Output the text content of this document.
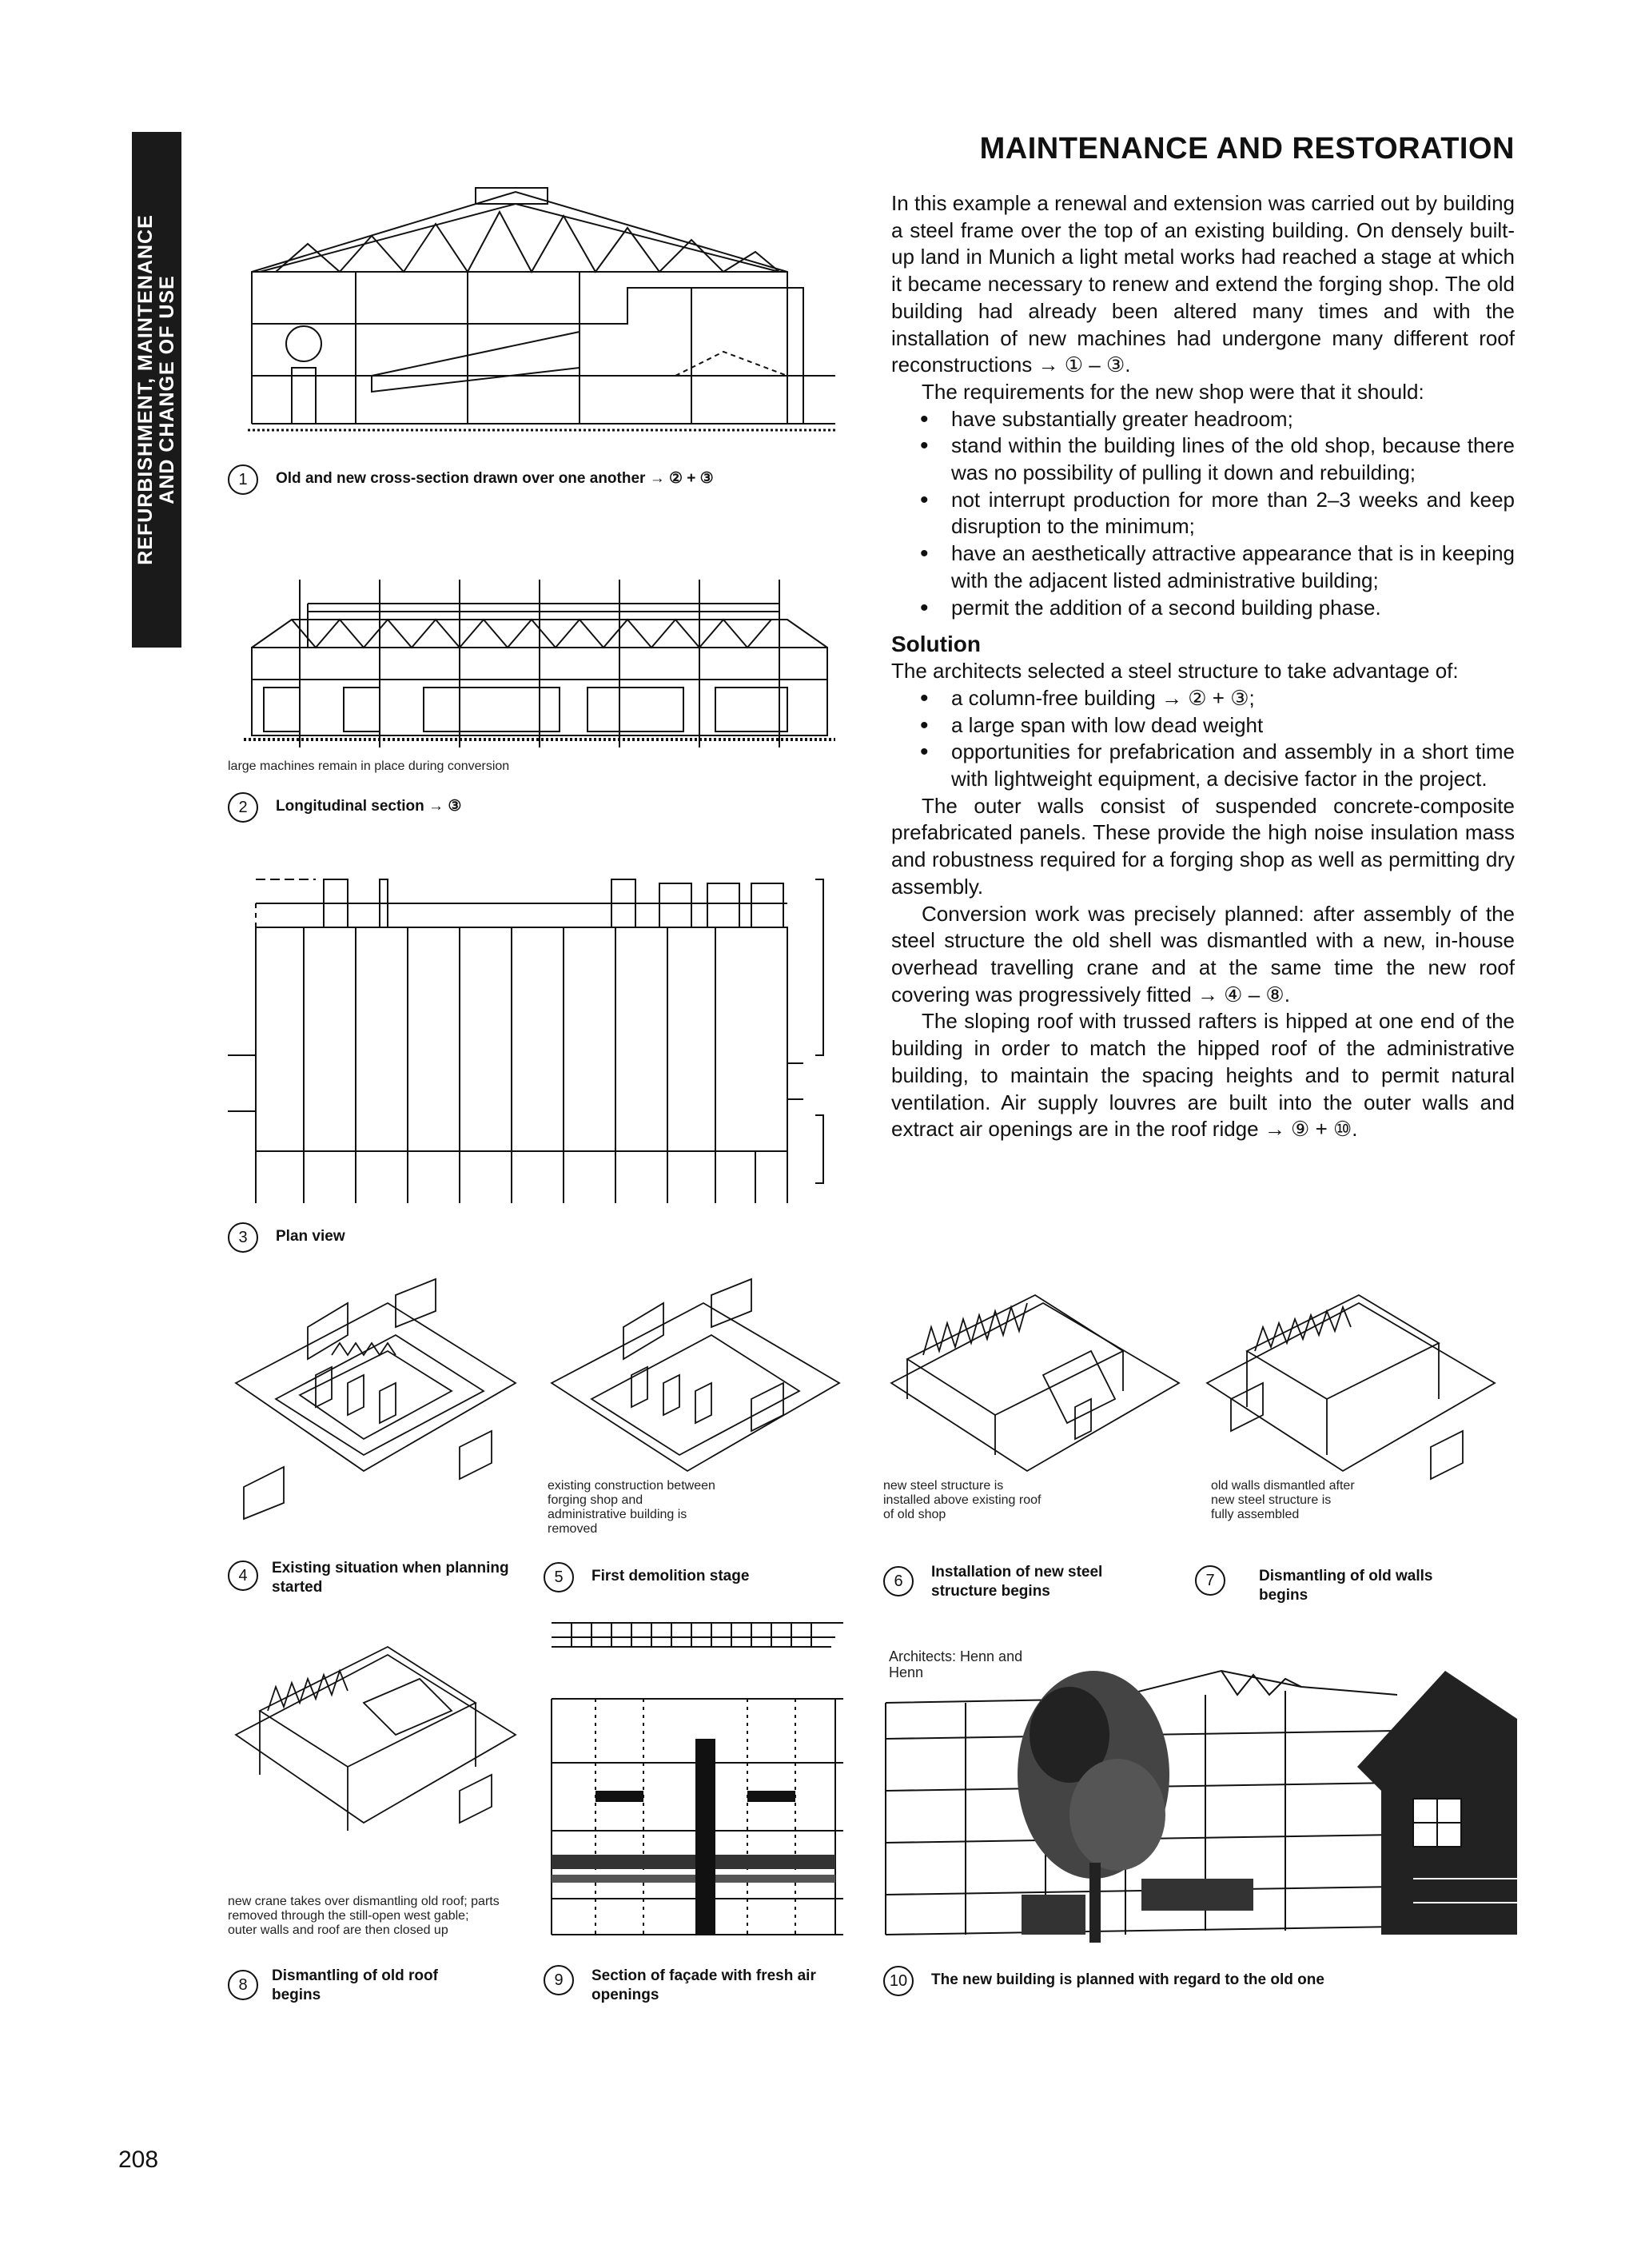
REFURBISHMENT, MAINTENANCE AND CHANGE OF USE
MAINTENANCE AND RESTORATION

In this example a renewal and extension was carried out by building a steel frame over the top of an existing building. On densely built-up land in Munich a light metal works had reached a stage at which it became necessary to renew and extend the forging shop. The old building had already been altered many times and with the installation of new machines had undergone many different roof reconstructions → ① – ③.

The requirements for the new shop were that it should:

• have substantially greater headroom;
• stand within the building lines of the old shop, because there was no possibility of pulling it down and rebuilding;
• not interrupt production for more than 2–3 weeks and keep disruption to the minimum;
• have an aesthetically attractive appearance that is in keeping with the adjacent listed administrative building;
• permit the addition of a second building phase.
Solution

The architects selected a steel structure to take advantage of:

• a column-free building → ② + ③;
• a large span with low dead weight
• opportunities for prefabrication and assembly in a short time with lightweight equipment, a decisive factor in the project.

The outer walls consist of suspended concrete-composite prefabricated panels. These provide the high noise insulation mass and robustness required for a forging shop as well as permitting dry assembly.

Conversion work was precisely planned: after assembly of the steel structure the old shell was dismantled with a new, in-house overhead travelling crane and at the same time the new roof covering was progressively fitted → ④ – ⑧.

The sloping roof with trussed rafters is hipped at one end of the building in order to match the hipped roof of the administrative building, to maintain the spacing heights and to permit natural ventilation. Air supply louvres are built into the outer walls and extract air openings are in the roof ridge → ⑨ + ⑩.

1	Old and new cross-section drawn over one another → ② + ③
large machines remain in place during conversion
2	Longitudinal section → ③
3	Plan view
4	Existing situation when planning started
existing construction between forging shop and administrative building is removed
5	First demolition stage
new steel structure is installed above existing roof of old shop
6
Installation of new steel structure begins
old walls dismantled after new steel structure is fully assembled
7	Dismantling of old walls begins
new crane takes over dismantling old roof; parts removed through the still-open west gable; outer walls and roof are then closed up
8
Dismantling of old roof begins
9	Section of façade with fresh air openings
Architects: Henn and Henn
10	The new building is planned with regard to the old one
208
